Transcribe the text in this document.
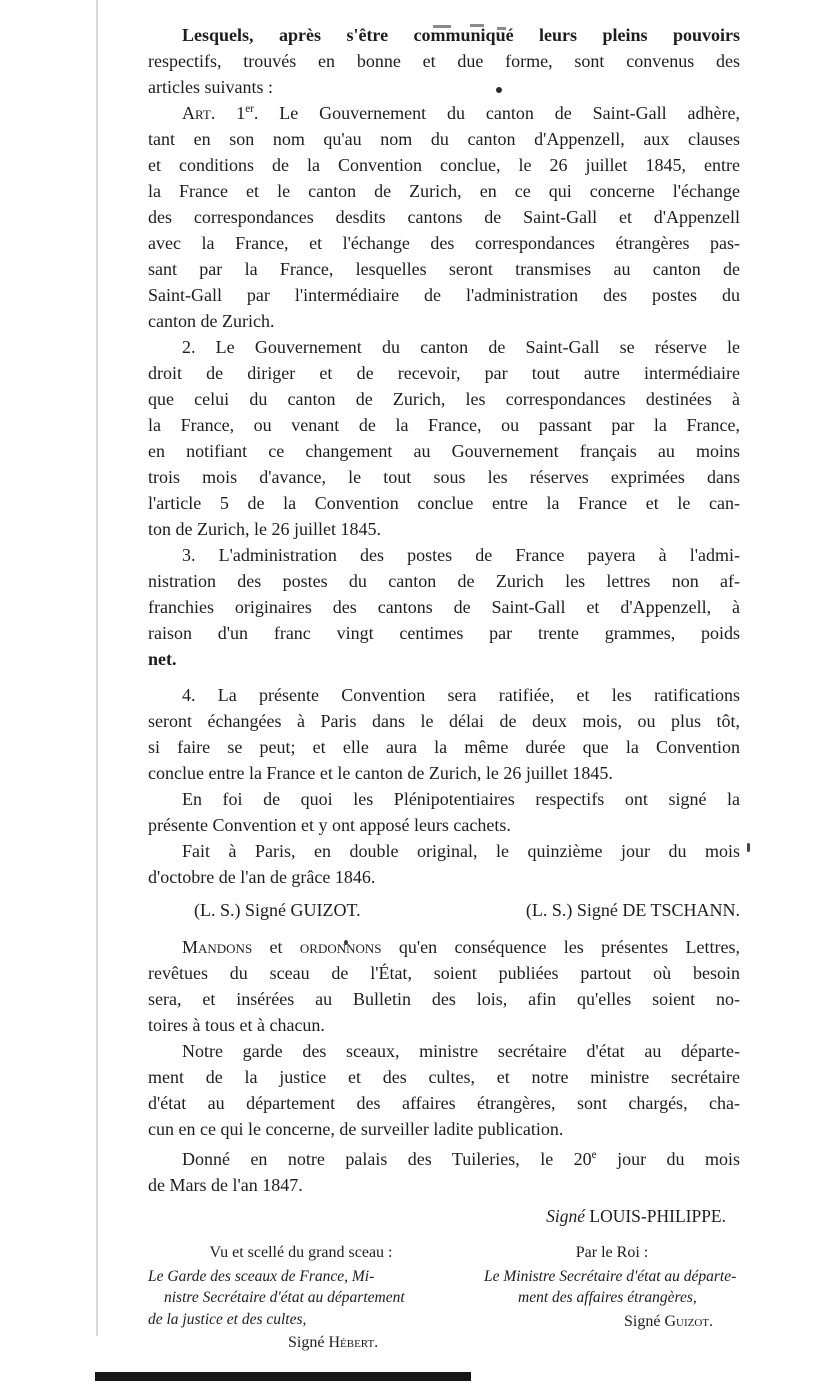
Lesquels, après s'être communiqué leurs pleins pouvoirs
respectifs, trouvés en bonne et due forme, sont convenus des
articles suivants :

Art. 1er. Le Gouvernement du canton de Saint-Gall adhère,
tant en son nom qu'au nom du canton d'Appenzell, aux clauses
et conditions de la Convention conclue, le 26 juillet 1845, entre
la France et le canton de Zurich, en ce qui concerne l'échange
des correspondances desdits cantons de Saint-Gall et d'Appenzell
avec la France, et l'échange des correspondances étrangères pas-
sant par la France, lesquelles seront transmises au canton de
Saint-Gall par l'intermédiaire de l'administration des postes du
canton de Zurich.

2. Le Gouvernement du canton de Saint-Gall se réserve le
droit de diriger et de recevoir, par tout autre intermédiaire
que celui du canton de Zurich, les correspondances destinées à
la France, ou venant de la France, ou passant par la France,
en notifiant ce changement au Gouvernement français au moins
trois mois d'avance, le tout sous les réserves exprimées dans
l'article 5 de la Convention conclue entre la France et le can-
ton de Zurich, le 26 juillet 1845.

3. L'administration des postes de France payera à l'admi-
nistration des postes du canton de Zurich les lettres non af-
franchies originaires des cantons de Saint-Gall et d'Appenzell, à
raison d'un franc vingt centimes par trente grammes, poids
net.

4. La présente Convention sera ratifiée, et les ratifications
seront échangées à Paris dans le délai de deux mois, ou plus tôt,
si faire se peut; et elle aura la même durée que la Convention
conclue entre la France et le canton de Zurich, le 26 juillet 1845.

En foi de quoi les Plénipotentiaires respectifs ont signé la
présente Convention et y ont apposé leurs cachets.

Fait à Paris, en double original, le quinzième jour du mois
d'octobre de l'an de grâce 1846.

(L. S.) Signé GUIZOT.	(L. S.) Signé DE TSCHANN.

Mandons et ordonnons qu'en conséquence les présentes Lettres,
revêtues du sceau de l'État, soient publiées partout où besoin
sera, et insérées au Bulletin des lois, afin qu'elles soient no-
toires à tous et à chacun.

Notre garde des sceaux, ministre secrétaire d'état au départe-
ment de la justice et des cultes, et notre ministre secrétaire
d'état au département des affaires étrangères, sont chargés, cha-
cun en ce qui le concerne, de surveiller ladite publication.

Donné en notre palais des Tuileries, le 20e jour du mois
de Mars de l'an 1847.

Signé LOUIS-PHILIPPE.
Vu et scellé du grand sceau :
Le Garde des sceaux de France, Mi-
nistre Secrétaire d'état au département
de la justice et des cultes,
Signé Hébert.
Par le Roi :
Le Ministre Secrétaire d'état au départe-
ment des affaires étrangères,
Signé Guizot.
